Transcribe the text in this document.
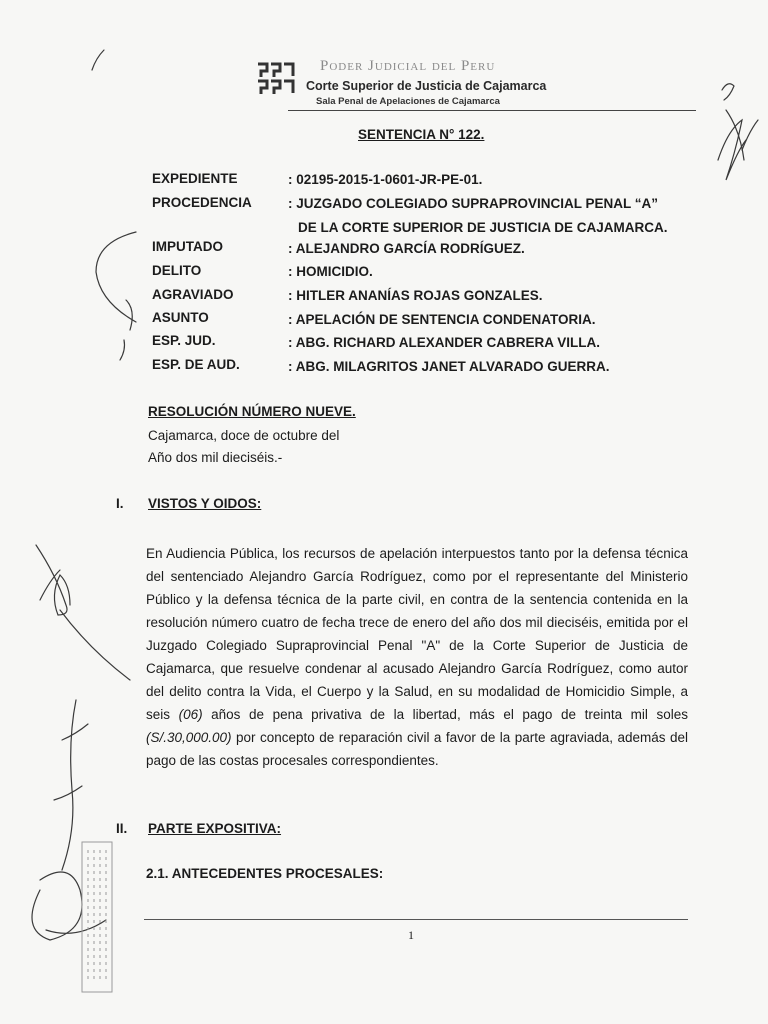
Poder Judicial del Peru
Corte Superior de Justicia de Cajamarca
Sala Penal de Apelaciones de Cajamarca
SENTENCIA N° 122.
EXPEDIENTE	: 02195-2015-1-0601-JR-PE-01.
PROCEDENCIA	: JUZGADO COLEGIADO SUPRAPROVINCIAL PENAL “A”
DE LA CORTE SUPERIOR DE JUSTICIA DE CAJAMARCA.
IMPUTADO	: ALEJANDRO GARCÍA RODRÍGUEZ.
DELITO	: HOMICIDIO.
AGRAVIADO	: HITLER ANANÍAS ROJAS GONZALES.
ASUNTO	: APELACIÓN DE SENTENCIA CONDENATORIA.
ESP. JUD.	: ABG. RICHARD ALEXANDER CABRERA VILLA.
ESP. DE AUD.	: ABG. MILAGRITOS JANET ALVARADO GUERRA.
RESOLUCIÓN NÚMERO NUEVE.
Cajamarca, doce de octubre del
Año dos mil dieciséis.-
I. VISTOS Y OIDOS:

En Audiencia Pública, los recursos de apelación interpuestos tanto por la defensa técnica del sentenciado Alejandro García Rodríguez, como por el representante del Ministerio Público y la defensa técnica de la parte civil, en contra de la sentencia contenida en la resolución número cuatro de fecha trece de enero del año dos mil dieciséis, emitida por el Juzgado Colegiado Supraprovincial Penal "A" de la Corte Superior de Justicia de Cajamarca, que resuelve condenar al acusado Alejandro García Rodríguez, como autor del delito contra la Vida, el Cuerpo y la Salud, en su modalidad de Homicidio Simple, a seis (06) años de pena privativa de la libertad, más el pago de treinta mil soles (S/.30,000.00) por concepto de reparación civil a favor de la parte agraviada, además del pago de las costas procesales correspondientes.

II. PARTE EXPOSITIVA:
2.1. ANTECEDENTES PROCESALES:
1
